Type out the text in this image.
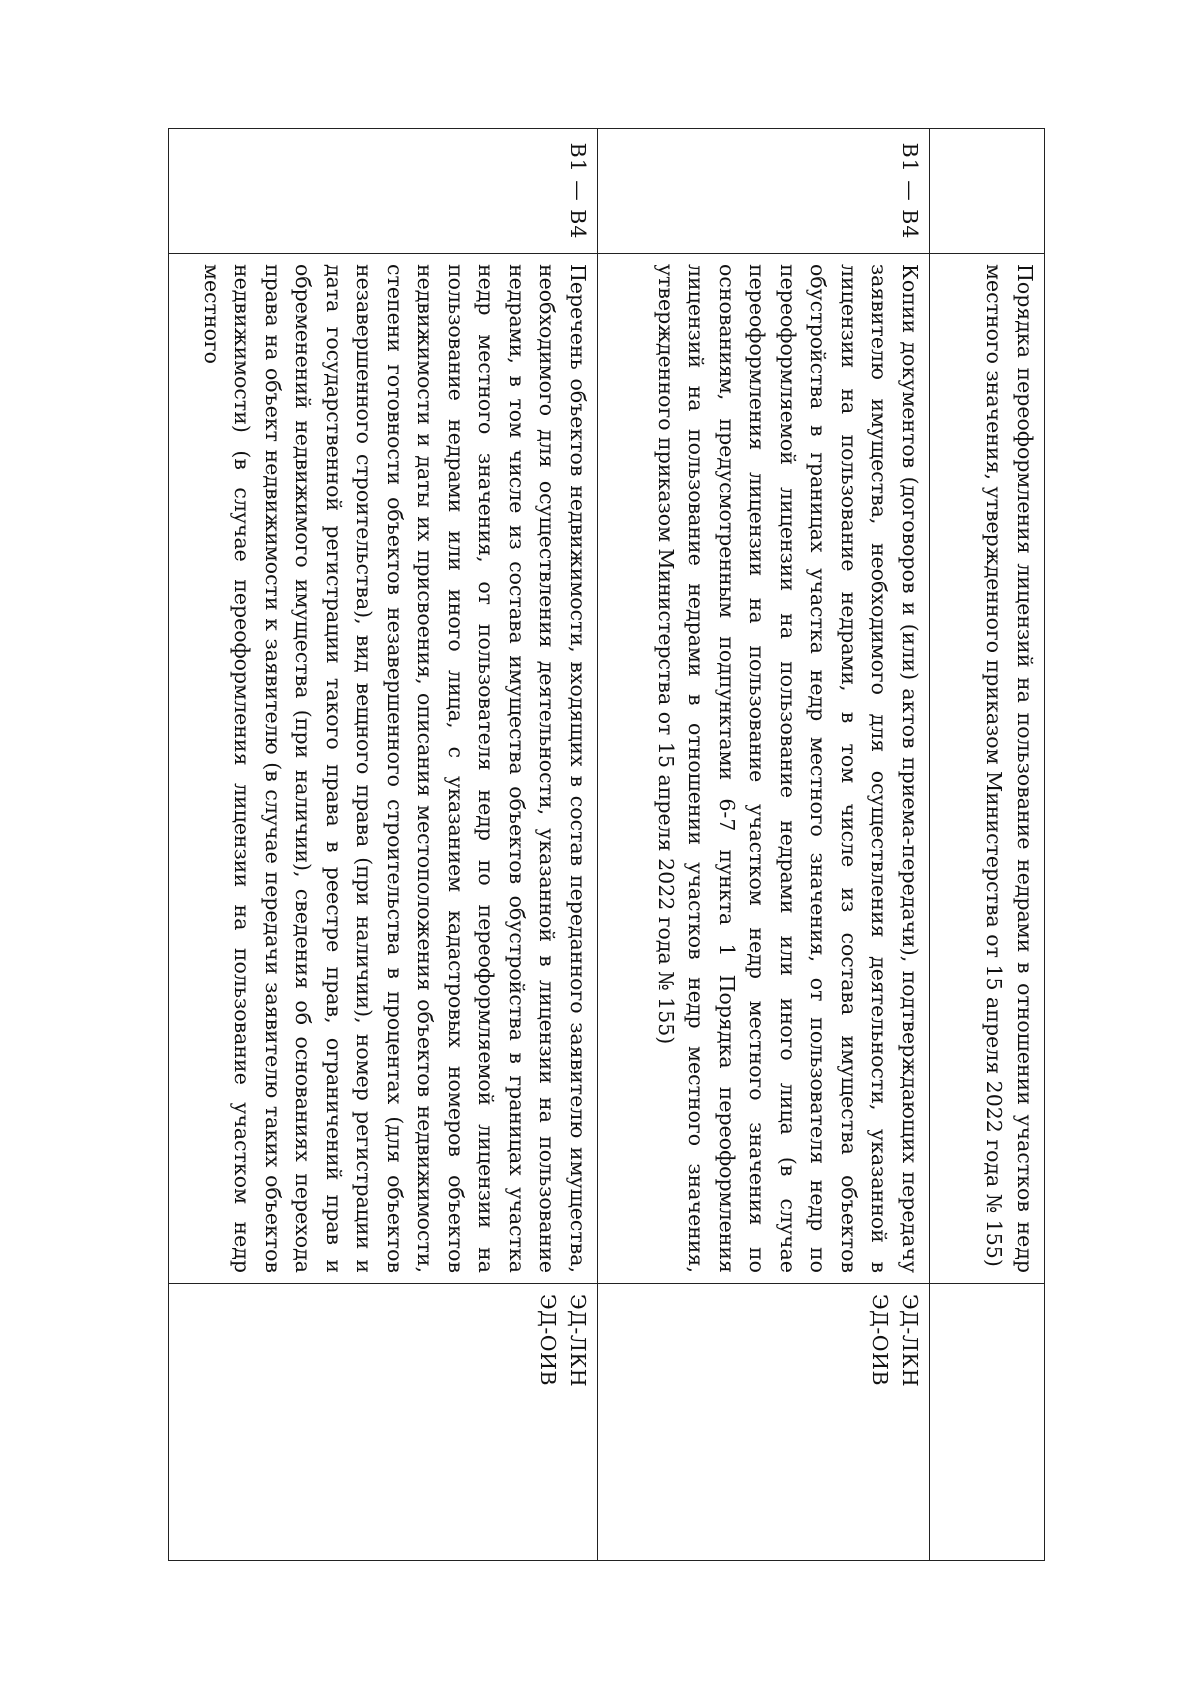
	Порядка переоформления лицензий на пользование недрами в отношении участков недр местного значения, утвержденного приказом Министерства от 15 апреля 2022 года № 155)	

В1 — В4	Копии документов (договоров и (или) актов приема-передачи), подтверждающих передачу заявителю имущества, необходимого для осуществления деятельности, указанной в лицензии на пользование недрами, в том числе из состава имущества объектов обустройства в границах участка недр местного значения, от пользователя недр по переоформляемой лицензии на пользование недрами или иного лица (в случае переоформления лицензии на пользование участком недр местного значения по основаниям, предусмотренным подпунктами 6-7 пункта 1 Порядка переоформления лицензий на пользование недрами в отношении участков недр местного значения, утвержденного приказом Министерства от 15 апреля 2022 года № 155)	ЭД-ЛКН
ЭД-ОИВ

В1 — В4	Перечень объектов недвижимости, входящих в состав переданного заявителю имущества, необходимого для осуществления деятельности, указанной в лицензии на пользование недрами, в том числе из состава имущества объектов обустройства в границах участка недр местного значения, от пользователя недр по переоформляемой лицензии на пользование недрами или иного лица, с указанием кадастровых номеров объектов недвижимости и даты их присвоения, описания местоположения объектов недвижимости, степени готовности объектов незавершенного строительства в процентах (для объектов незавершенного строительства), вид вещного права (при наличии), номер регистрации и дата государственной регистрации такого права в реестре прав, ограничений прав и обременений недвижимого имущества (при наличии), сведения об основаниях перехода права на объект недвижимости к заявителю (в случае передачи заявителю таких объектов недвижимости) (в случае переоформления лицензии на пользование участком недр местного	ЭД-ЛКН
ЭД-ОИВ
